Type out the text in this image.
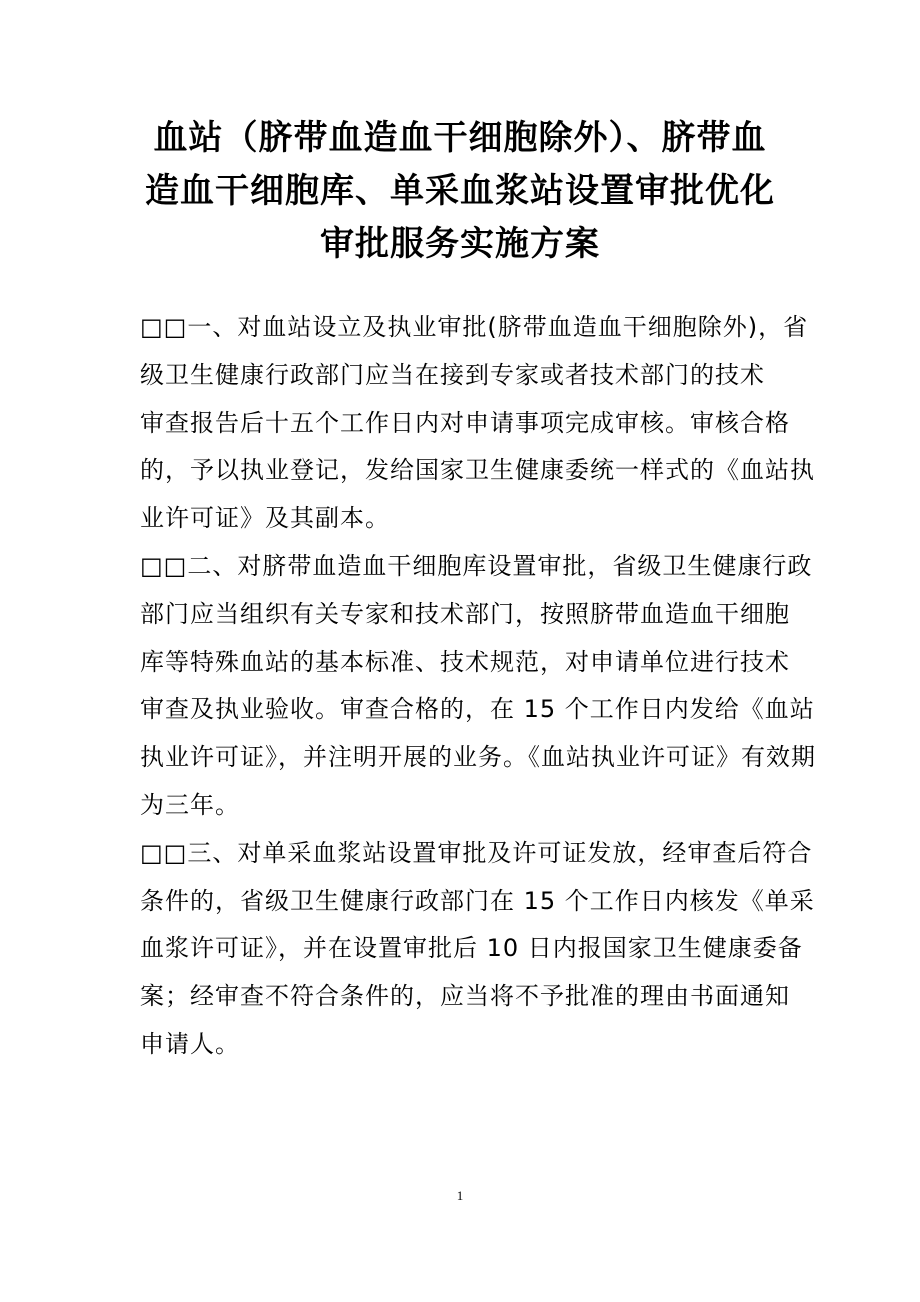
血站（脐带血造血干细胞除外）、脐带血
造血干细胞库、单采血浆站设置审批优化
审批服务实施方案
□□一、对血站设立及执业审批(脐带血造血干细胞除外)，省
级卫生健康行政部门应当在接到专家或者技术部门的技术
审查报告后十五个工作日内对申请事项完成审核。审核合格
的，予以执业登记，发给国家卫生健康委统一样式的《血站执
业许可证》及其副本。
□□二、对脐带血造血干细胞库设置审批，省级卫生健康行政
部门应当组织有关专家和技术部门，按照脐带血造血干细胞
库等特殊血站的基本标准、技术规范，对申请单位进行技术
审查及执业验收。审查合格的，在 15 个工作日内发给《血站
执业许可证》，并注明开展的业务。《血站执业许可证》有效期
为三年。
□□三、对单采血浆站设置审批及许可证发放，经审查后符合
条件的，省级卫生健康行政部门在 15 个工作日内核发《单采
血浆许可证》，并在设置审批后 10 日内报国家卫生健康委备
案；经审查不符合条件的，应当将不予批准的理由书面通知
申请人。
1
